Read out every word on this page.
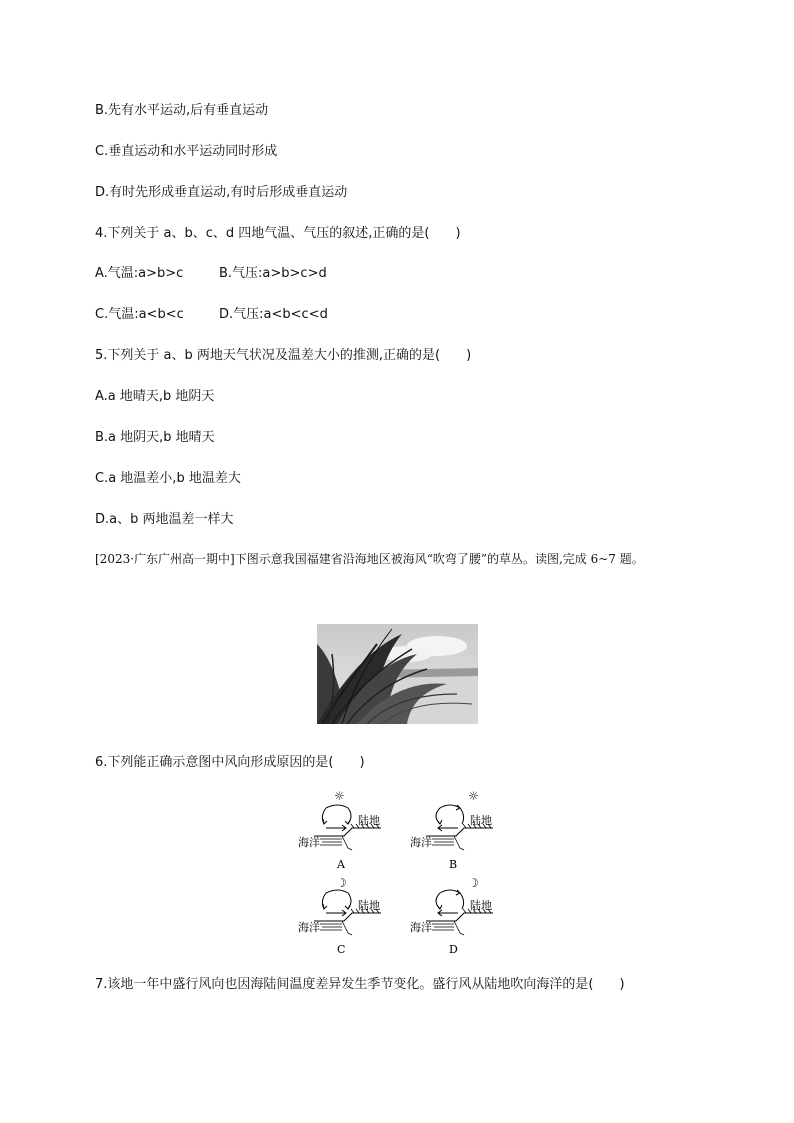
B.先有水平运动,后有垂直运动
C.垂直运动和水平运动同时形成
D.有时先形成垂直运动,有时后形成垂直运动
4.下列关于 a、b、c、d 四地气温、气压的叙述,正确的是(　　)
A.气温:a>b>c	B.气压:a>b>c>d
C.气温:a<b<c	D.气压:a<b<c<d
5.下列关于 a、b 两地天气状况及温差大小的推测,正确的是(　　)
A.a 地晴天,b 地阴天
B.a 地阴天,b 地晴天
C.a 地温差小,b 地温差大
D.a、b 两地温差一样大
[2023·广东广州高一期中]下图示意我国福建省沿海地区被海风“吹弯了腰”的草丛。读图,完成 6~7 题。
6.下列能正确示意图中风向形成原因的是(　　)
☼
陆地
海洋
A
☼
陆地
海洋
B
☽
陆地
海洋
C
☽
陆地
海洋
D
7.该地一年中盛行风向也因海陆间温度差异发生季节变化。盛行风从陆地吹向海洋的是(　　)
